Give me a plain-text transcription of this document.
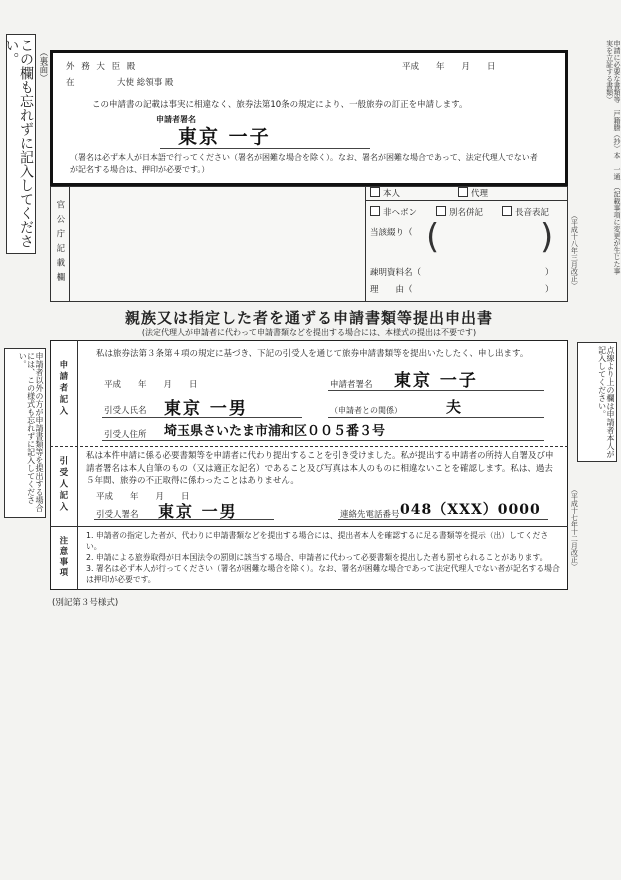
この欄も忘れずに記入してください。	（裏面） 外 務 大 臣 殿
在　　　　　大使 総領事 殿
平成　　年　　月　　日
この申請書の記載は事実に相違なく、旅券法第10条の規定により、一般旅券の訂正を申請します。
申請者署名
東京 一子
（署名は必ず本人が日本語で行ってください（署名が困難な場合を除く）。なお、署名が困難な場合であって、法定代理人でない者が記名する場合は、押印が必要です。）	申請に必要な書類等　戸籍謄（抄）本　一通　（記載事項に変更が生じた事実を立証する書類）
官公庁記載欄
本人	代理
非ヘボン	別名併記	長音表記
当該綴り（ (	)
疎明資料名（	）
理　　由（	）
（平成十八年三月改正）
親族又は指定した者を通ずる申請書類等提出申出書
(法定代理人が申請者に代わって申請書類などを提出する場合には、本様式の提出は不要です)
申請者以外の方が申請書類等を提出する場合には、この様式も忘れずに記入してください。	点線より上の欄は申請者本人が記入してください。
申請者記入
私は旅券法第３条第４項の規定に基づき、下記の引受人を通じて旅券申請書類等を提出いたしたく、申し出ます。
平成　　年　　月　　日	申請者署名 東京 一子
引受人氏名 東京 一男	（申請者との関係）	夫
引受人住所 埼玉県さいたま市浦和区００５番３号
引受人記入 私は本件申請に係る必要書類等を申請者に代わり提出することを引き受けました。私が提出する申請者の所持人自署及び申請者署名は本人自筆のもの（又は適正な記名）であること及び写真は本人のものに相違ないことを確認します。私は、過去５年間、旅券の不正取得に係わったことはありません。
平成　　年　　月　　日
引受人署名 東京 一男	連絡先電話番号 048（XXX）0000
注意事項
1. 申請者の指定した者が、代わりに申請書類などを提出する場合には、提出者本人を確認するに足る書類等を提示（出）してください。
2. 申請による旅券取得が日本国法令の罰則に該当する場合、申請者に代わって必要書類を提出した者も罰せられることがあります。
3. 署名は必ず本人が行ってください（署名が困難な場合を除く）。なお、署名が困難な場合であって法定代理人でない者が記名する場合は押印が必要です。
（平成十七年十二月改正）
(別記第３号様式)
